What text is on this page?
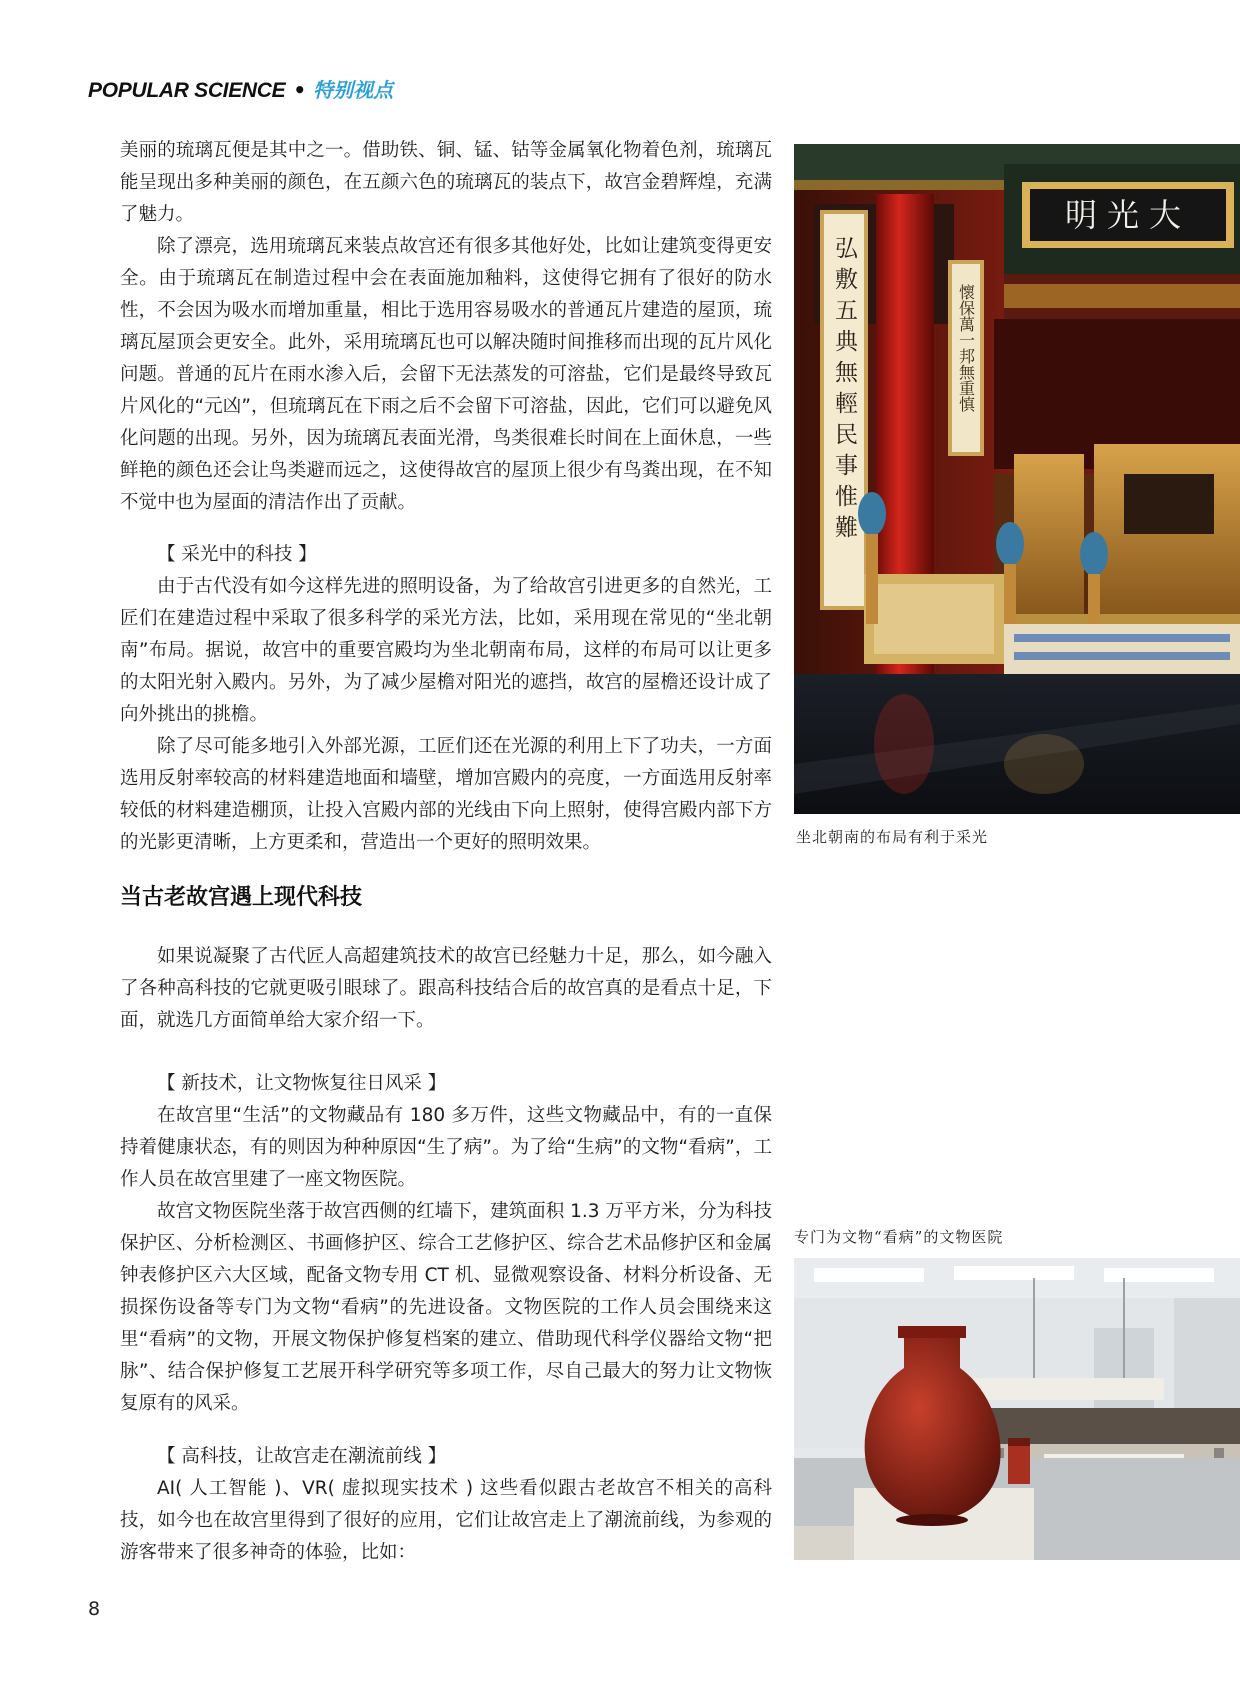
POPULAR SCIENCE • 特别视点

美丽的琉璃瓦便是其中之一。借助铁、铜、锰、钴等金属氧化物着色剂，琉璃瓦能呈现出多种美丽的颜色，在五颜六色的琉璃瓦的装点下，故宫金碧辉煌，充满了魅力。

除了漂亮，选用琉璃瓦来装点故宫还有很多其他好处，比如让建筑变得更安全。由于琉璃瓦在制造过程中会在表面施加釉料，这使得它拥有了很好的防水性，不会因为吸水而增加重量，相比于选用容易吸水的普通瓦片建造的屋顶，琉璃瓦屋顶会更安全。此外，采用琉璃瓦也可以解决随时间推移而出现的瓦片风化问题。普通的瓦片在雨水渗入后，会留下无法蒸发的可溶盐，它们是最终导致瓦片风化的“元凶”，但琉璃瓦在下雨之后不会留下可溶盐，因此，它们可以避免风化问题的出现。另外，因为琉璃瓦表面光滑，鸟类很难长时间在上面休息，一些鲜艳的颜色还会让鸟类避而远之，这使得故宫的屋顶上很少有鸟粪出现，在不知不觉中也为屋面的清洁作出了贡献。

【 采光中的科技 】

由于古代没有如今这样先进的照明设备，为了给故宫引进更多的自然光，工匠们在建造过程中采取了很多科学的采光方法，比如，采用现在常见的“坐北朝南”布局。据说，故宫中的重要宫殿均为坐北朝南布局，这样的布局可以让更多的太阳光射入殿内。另外，为了减少屋檐对阳光的遮挡，故宫的屋檐还设计成了向外挑出的挑檐。

除了尽可能多地引入外部光源，工匠们还在光源的利用上下了功夫，一方面选用反射率较高的材料建造地面和墙壁，增加宫殿内的亮度，一方面选用反射率较低的材料建造棚顶，让投入宫殿内部的光线由下向上照射，使得宫殿内部下方的光影更清晰，上方更柔和，营造出一个更好的照明效果。

当古老故宫遇上现代科技

如果说凝聚了古代匠人高超建筑技术的故宫已经魅力十足，那么，如今融入了各种高科技的它就更吸引眼球了。跟高科技结合后的故宫真的是看点十足，下面，就选几方面简单给大家介绍一下。

【 新技术，让文物恢复往日风采 】

在故宫里“生活”的文物藏品有 180 多万件，这些文物藏品中，有的一直保持着健康状态，有的则因为种种原因“生了病”。为了给“生病”的文物“看病”，工作人员在故宫里建了一座文物医院。

故宫文物医院坐落于故宫西侧的红墙下，建筑面积 1.3 万平方米，分为科技保护区、分析检测区、书画修护区、综合工艺修护区、综合艺术品修护区和金属钟表修护区六大区域，配备文物专用 CT 机、显微观察设备、材料分析设备、无损探伤设备等专门为文物“看病”的先进设备。文物医院的工作人员会围绕来这里“看病”的文物，开展文物保护修复档案的建立、借助现代科学仪器给文物“把脉”、结合保护修复工艺展开科学研究等多项工作，尽自己最大的努力让文物恢复原有的风采。

【 高科技，让故宫走在潮流前线 】

AI( 人工智能 )、VR( 虚拟现实技术 ) 这些看似跟古老故宫不相关的高科技，如今也在故宫里得到了很好的应用，它们让故宫走上了潮流前线，为参观的游客带来了很多神奇的体验，比如：

明光大
懷保萬一邦無重慎
弘敷五典無輕民事惟難
坐北朝南的布局有利于采光
专门为文物“看病”的文物医院
8
